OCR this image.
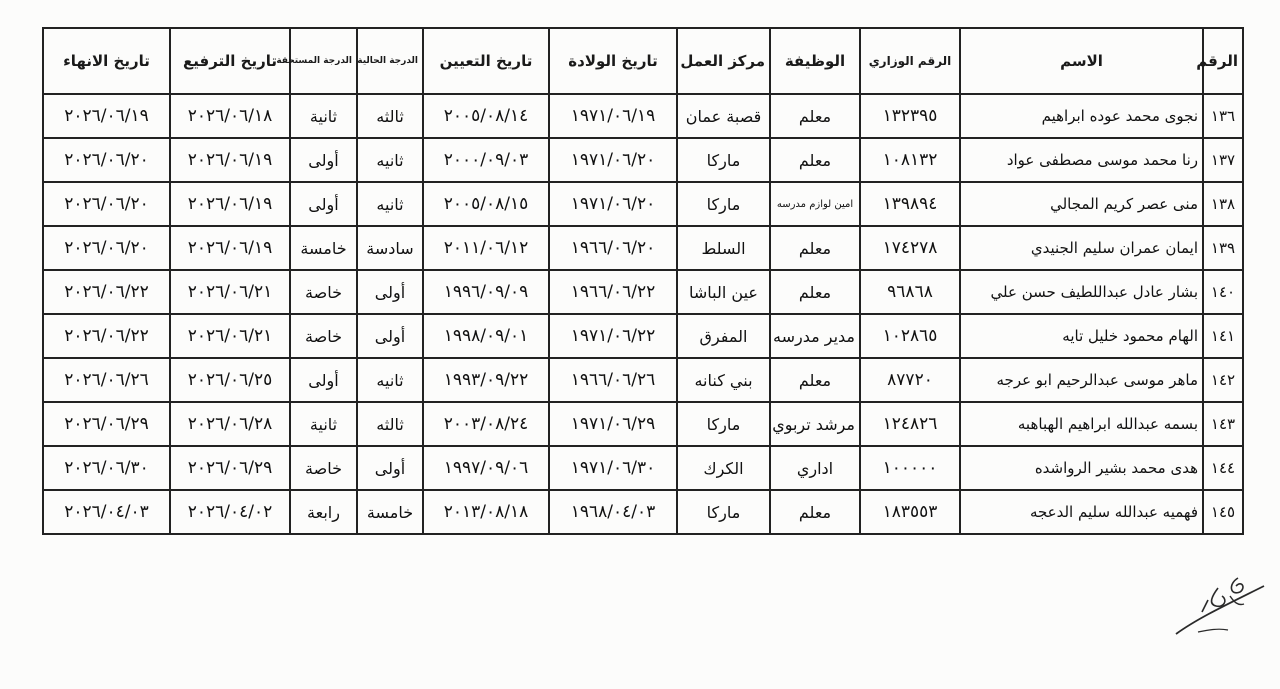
الرقم	الاسم	الرقم الوزاري	الوظيفة	مركز العمل	تاريخ الولادة	تاريخ التعيين	الدرجة الحالية	الدرجة المستحقة	تاريخ الترفيع	تاريخ الانهاء
١٣٦	نجوى محمد عوده ابراهيم	١٣٢٣٩٥	معلم	قصبة عمان	١٩٧١/٠٦/١٩	٢٠٠٥/٠٨/١٤	ثالثه	ثانية	٢٠٢٦/٠٦/١٨	٢٠٢٦/٠٦/١٩
١٣٧	رنا محمد موسى مصطفى عواد	١٠٨١٣٢	معلم	ماركا	١٩٧١/٠٦/٢٠	٢٠٠٠/٠٩/٠٣	ثانيه	أولى	٢٠٢٦/٠٦/١٩	٢٠٢٦/٠٦/٢٠
١٣٨	منى عصر كريم المجالي	١٣٩٨٩٤	امين لوازم مدرسه	ماركا	١٩٧١/٠٦/٢٠	٢٠٠٥/٠٨/١٥	ثانيه	أولى	٢٠٢٦/٠٦/١٩	٢٠٢٦/٠٦/٢٠
١٣٩	ايمان عمران سليم الجنيدي	١٧٤٢٧٨	معلم	السلط	١٩٦٦/٠٦/٢٠	٢٠١١/٠٦/١٢	سادسة	خامسة	٢٠٢٦/٠٦/١٩	٢٠٢٦/٠٦/٢٠
١٤٠	بشار عادل عبداللطيف حسن علي	٩٦٨٦٨	معلم	عين الباشا	١٩٦٦/٠٦/٢٢	١٩٩٦/٠٩/٠٩	أولى	خاصة	٢٠٢٦/٠٦/٢١	٢٠٢٦/٠٦/٢٢
١٤١	الهام محمود خليل تايه	١٠٢٨٦٥	مدير مدرسه	المفرق	١٩٧١/٠٦/٢٢	١٩٩٨/٠٩/٠١	أولى	خاصة	٢٠٢٦/٠٦/٢١	٢٠٢٦/٠٦/٢٢
١٤٢	ماهر موسى عبدالرحيم ابو عرجه	٨٧٧٢٠	معلم	بني كنانه	١٩٦٦/٠٦/٢٦	١٩٩٣/٠٩/٢٢	ثانيه	أولى	٢٠٢٦/٠٦/٢٥	٢٠٢٦/٠٦/٢٦
١٤٣	بسمه عبدالله ابراهيم الهباهبه	١٢٤٨٢٦	مرشد تربوي	ماركا	١٩٧١/٠٦/٢٩	٢٠٠٣/٠٨/٢٤	ثالثه	ثانية	٢٠٢٦/٠٦/٢٨	٢٠٢٦/٠٦/٢٩
١٤٤	هدى محمد بشير الرواشده	١٠٠٠٠٠	اداري	الكرك	١٩٧١/٠٦/٣٠	١٩٩٧/٠٩/٠٦	أولى	خاصة	٢٠٢٦/٠٦/٢٩	٢٠٢٦/٠٦/٣٠
١٤٥	فهميه عبدالله سليم الدعجه	١٨٣٥٥٣	معلم	ماركا	١٩٦٨/٠٤/٠٣	٢٠١٣/٠٨/١٨	خامسة	رابعة	٢٠٢٦/٠٤/٠٢	٢٠٢٦/٠٤/٠٣
